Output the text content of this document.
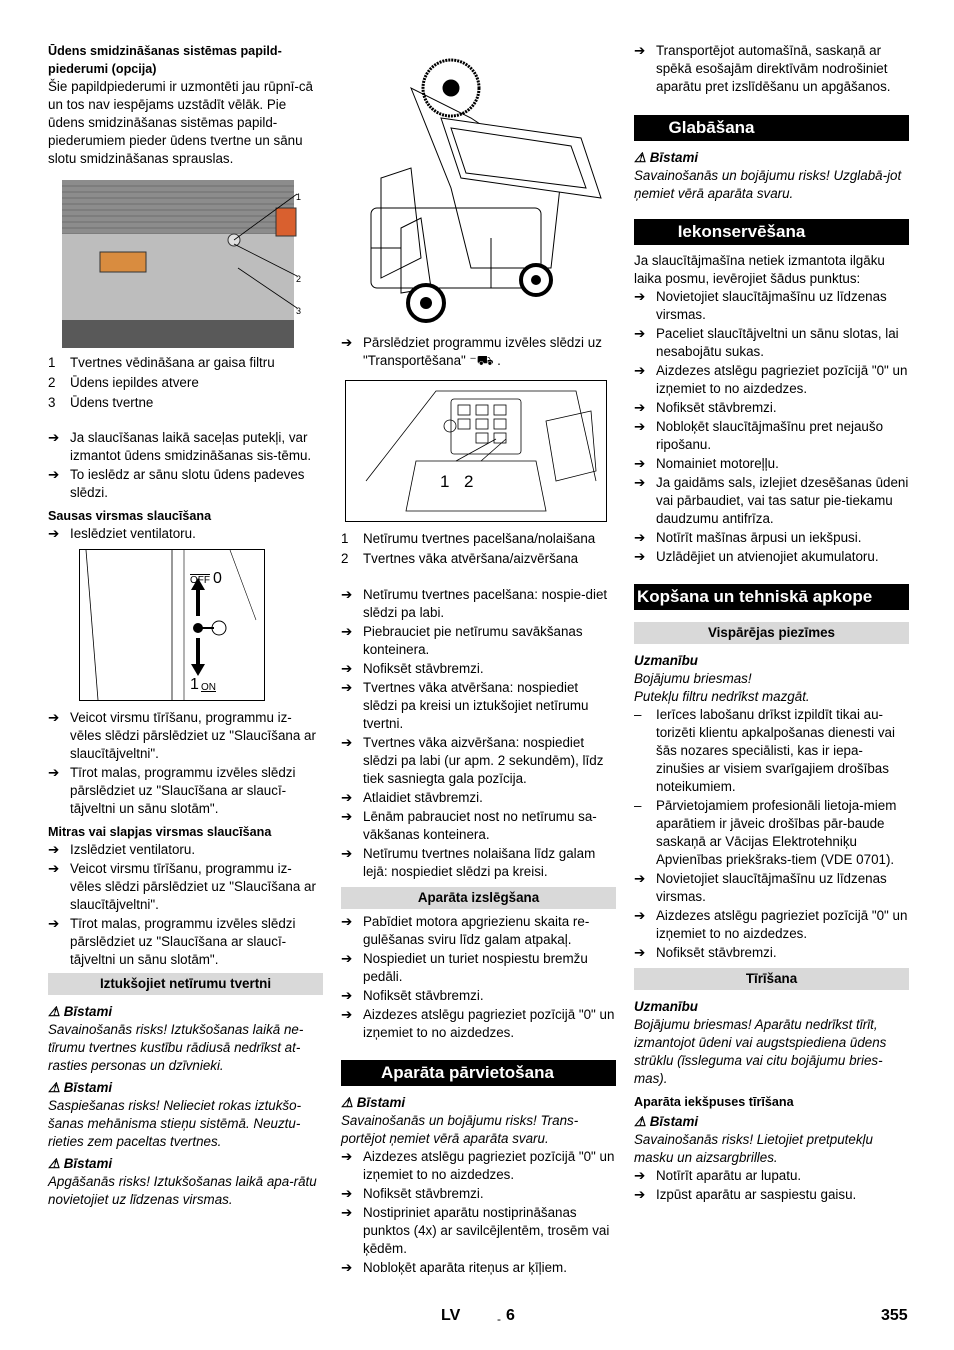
Ūdens smidzināšanas sistēmas papild-piederumi (opcija)

Šie papildpiederumi ir uzmontēti jau rūpnī-cā un tos nav iespējams uzstādīt vēlāk. Pie ūdens smidzināšanas sistēmas papild-piederumiem pieder ūdens tvertne un sānu slotu smidzināšanas sprauslas.

1
2
3

1 Tvertnes vēdināšana ar gaisa filtru

2 Ūdens iepildes atvere

3 Ūdens tvertne

➔ Ja slaucīšanas laikā saceļas putekļi, var izmantot ūdens smidzināšanas sis-tēmu.

➔ To ieslēdz ar sānu slotu ūdens padeves slēdzi.

Sausas virsmas slaucīšana

➔ Ieslēdziet ventilatoru.

$\overline{OFF}$ 0
1 ON

➔ Veicot virsmu tīrīšanu, programmu iz-vēles slēdzi pārslēdziet uz "Slaucīšana ar slaucītājveltni".

➔ Tīrot malas, programmu izvēles slēdzi pārslēdziet uz "Slaucīšana ar slaucī-tājveltni un sānu slotām".

Mitras vai slapjas virsmas slaucīšana

➔ Izslēdziet ventilatoru.

➔ Veicot virsmu tīrīšanu, programmu iz-vēles slēdzi pārslēdziet uz "Slaucīšana ar slaucītājveltni".

➔ Tīrot malas, programmu izvēles slēdzi pārslēdziet uz "Slaucīšana ar slaucī-tājveltni un sānu slotām".

Iztukšojiet netīrumu tvertni

⚠ Bīstami

Savainošanās risks! Iztukšošanas laikā ne-tīrumu tvertnes kustību rādiusā nedrīkst at-rasties personas un dzīvnieki.

⚠ Bīstami

Saspiešanas risks! Nelieciet rokas iztukšo-šanas mehānisma stieņu sistēmā. Neuztu-rieties zem paceltas tvertnes.

⚠ Bīstami

Apgāšanās risks! Iztukšošanas laikā apa-rātu novietojiet uz līdzenas virsmas.

➔ Pārslēdziet programmu izvēles slēdzi uz "Transportēšana" ⁻⛟ .

1 2

1 Netīrumu tvertnes pacelšana/nolaišana

2 Tvertnes vāka atvēršana/aizvēršana

➔ Netīrumu tvertnes pacelšana: nospie-diet slēdzi pa labi.

➔ Piebrauciet pie netīrumu savākšanas konteinera.

➔ Nofiksēt stāvbremzi.

➔ Tvertnes vāka atvēršana: nospiediet slēdzi pa kreisi un iztukšojiet netīrumu tvertni.

➔ Tvertnes vāka aizvēršana: nospiediet slēdzi pa labi (ur apm. 2 sekundēm), līdz tiek sasniegta gala pozīcija.

➔ Atlaidiet stāvbremzi.

➔ Lēnām pabrauciet nost no netīrumu sa-vākšanas konteinera.

➔ Netīrumu tvertnes nolaišana līdz galam lejā: nospiediet slēdzi pa kreisi.

Aparāta izslēgšana

➔ Pabīdiet motora apgriezienu skaita re-gulēšanas sviru līdz galam atpakaļ.

➔ Nospiediet un turiet nospiestu bremžu pedāli.

➔ Nofiksēt stāvbremzi.

➔ Aizdezes atslēgu pagrieziet pozīcijā "0" un izņemiet to no aizdedzes.

Aparāta pārvietošana

⚠ Bīstami

Savainošanās un bojājumu risks! Trans-portējot ņemiet vērā aparāta svaru.

➔ Aizdezes atslēgu pagrieziet pozīcijā "0" un izņemiet to no aizdedzes.

➔ Nofiksēt stāvbremzi.

➔ Nostipriniet aparātu nostiprināšanas punktos (4x) ar savilcējlentēm, trosēm vai ķēdēm.

➔ Nobloķēt aparāta riteņus ar ķīļiem.

➔ Transportējot automašīnā, saskaņā ar spēkā esošajām direktīvām nodrošiniet aparātu pret izslīdēšanu un apgāšanos.

Glabāšana

⚠ Bīstami

Savainošanās un bojājumu risks! Uzglabā-jot ņemiet vērā aparāta svaru.

Iekonservēšana

Ja slaucītājmašīna netiek izmantota ilgāku laika posmu, ievērojiet šādus punktus:

➔ Novietojiet slaucītājmašīnu uz līdzenas virsmas.

➔ Paceliet slaucītājveltni un sānu slotas, lai nesabojātu sukas.

➔ Aizdezes atslēgu pagrieziet pozīcijā "0" un izņemiet to no aizdedzes.

➔ Nofiksēt stāvbremzi.

➔ Nobloķēt slaucītājmašīnu pret nejaušo ripošanu.

➔ Nomainiet motoreļļu.

➔ Ja gaidāms sals, izlejiet dzesēšanas ūdeni vai pārbaudiet, vai tas satur pie-tiekamu daudzumu antifrīza.

➔ Notīrīt mašīnas ārpusi un iekšpusi.

➔ Uzlādējiet un atvienojiet akumulatoru.

Kopšana un tehniskā apkope

Vispārējas piezīmes

Uzmanību

Bojājumu briesmas!

Putekļu filtru nedrīkst mazgāt.

–	Ierīces labošanu drīkst izpildīt tikai au-torizēti klientu apkalpošanas dienesti vai šās nozares speciālisti, kas ir iepa-zinušies ar visiem svarīgajiem drošības noteikumiem.

–	Pārvietojamiem profesionāli lietoja-miem aparātiem ir jāveic drošības pār-baude saskaņā ar Vācijas Elektrotehniķu Apvienības priekšraks-tiem (VDE 0701).

➔ Novietojiet slaucītājmašīnu uz līdzenas virsmas.

➔ Aizdezes atslēgu pagrieziet pozīcijā "0" un izņemiet to no aizdedzes.

➔ Nofiksēt stāvbremzi.

Tīrīšana

Uzmanību

Bojājumu briesmas! Aparātu nedrīkst tīrīt, izmantojot ūdeni vai augstspiediena ūdens strūklu (īssleguma vai citu bojājumu bries-mas).

Aparāta iekšpuses tīrīšana

⚠ Bīstami

Savainošanās risks! Lietojiet pretputekļu masku un aizsargbrilles.

➔ Notīrīt aparātu ar lupatu.

➔ Izpūst aparātu ar saspiestu gaisu.

LV	- 6	355
